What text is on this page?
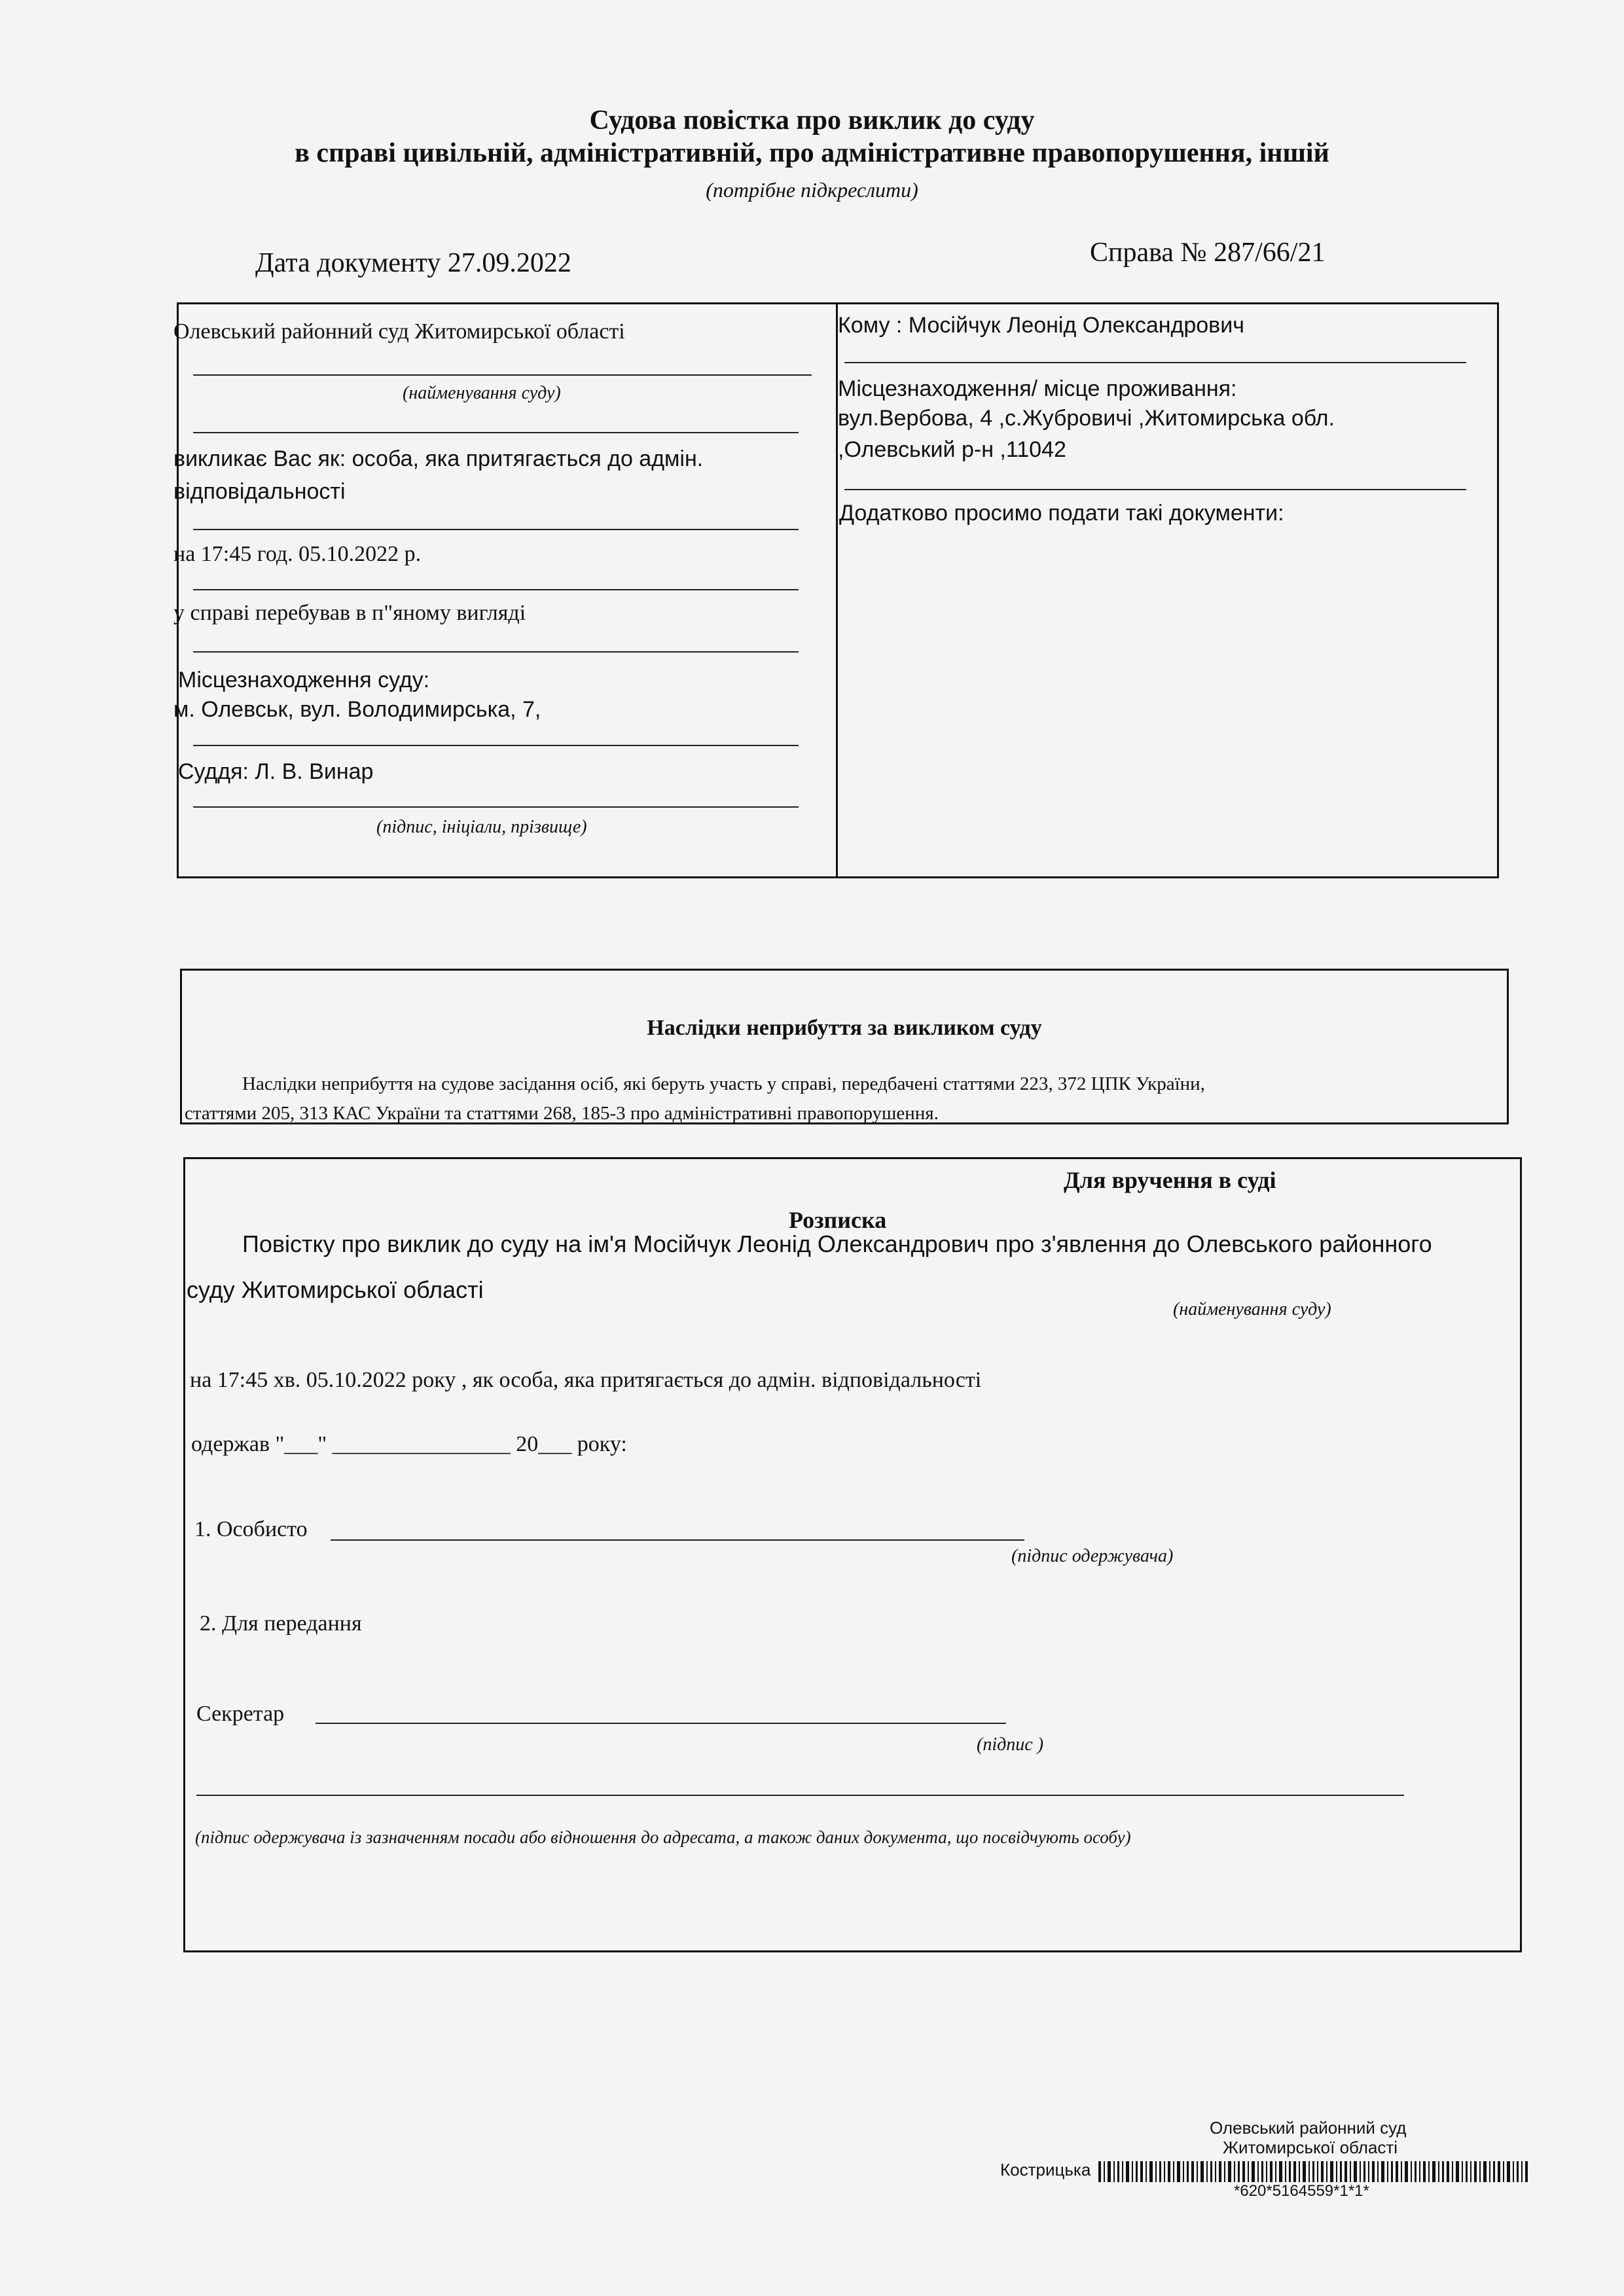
Судова повістка про виклик до суду
в справі цивільній, адміністративній, про адміністративне правопорушення, іншій
(потрібне підкреслити)
Дата документу 27.09.2022	Справа № 287/66/21
Олевський районний суд Житомирської області
(найменування суду)
викликає Вас як: особа, яка притягається до адмін.
відповідальності
на 17:45 год. 05.10.2022 р.
у справі перебував в п"яному вигляді
Місцезнаходження суду:
м. Олевськ, вул. Володимирська, 7,
Суддя: Л. В. Винар
(підпис, ініціали, прізвище)
Кому : Мосійчук Леонід Олександрович
Місцезнаходження/ місце проживання:
вул.Вербова, 4 ,с.Жубровичі ,Житомирська обл.
,Олевський р-н ,11042
Додатково просимо подати такі документи:
Наслідки неприбуття за викликом суду
Наслідки неприбуття на судове засідання осіб, які беруть участь у справі, передбачені статтями 223, 372 ЦПК України,
статтями 205, 313 КАС України та статтями 268, 185-3 про адміністративні правопорушення.
Для вручення в суді
Розписка
Повістку про виклик до суду на ім'я Мосійчук Леонід Олександрович про з'явлення до Олевського районного
суду Житомирської області
(найменування суду)
на 17:45 хв. 05.10.2022 року , як особа, яка притягається до адмін. відповідальності
одержав "___" ________________ 20___ року:
1. Особисто
(підпис одержувача)
2. Для передання
Секретар
(підпис )
(підпис одержувача із зазначенням посади або відношення до адресата, а також даних документа, що посвідчують особу)
Олевський районний суд
Житомирської області
Кострицька
*620*5164559*1*1*
